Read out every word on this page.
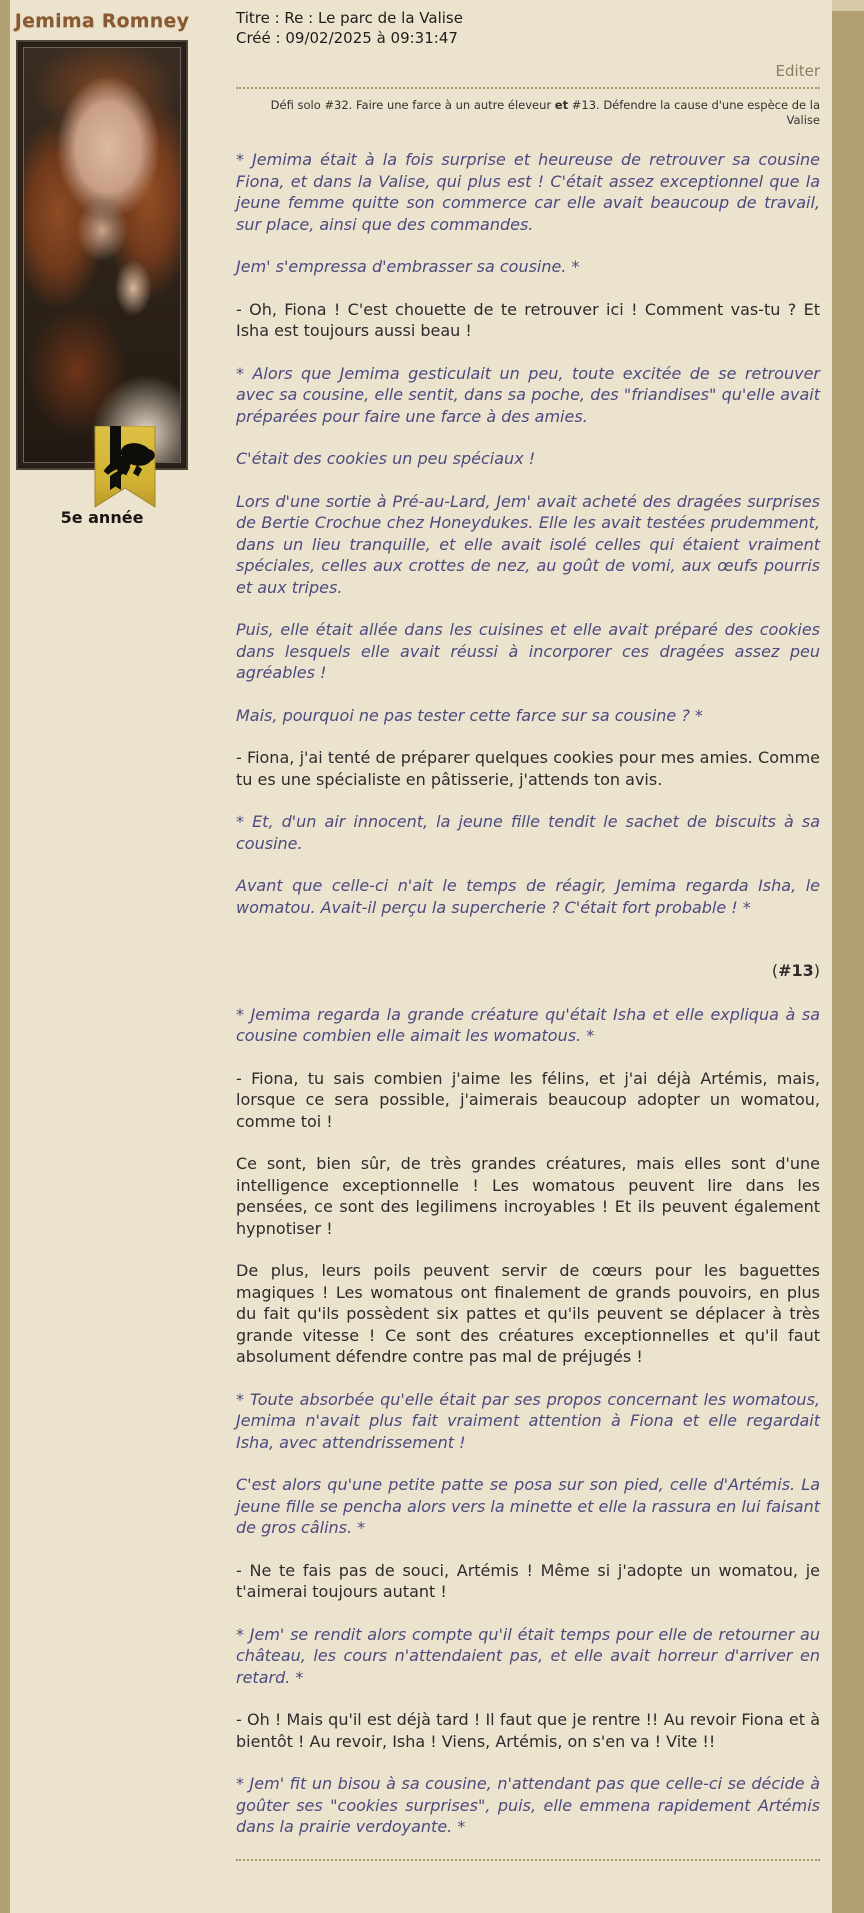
Jemima Romney
5e année
Titre : Re : Le parc de la Valise
Créé : 09/02/2025 à 09:31:47
Editer
Défi solo #32. Faire une farce à un autre éleveur et #13. Défendre la cause d'une espèce de la Valise

* Jemima était à la fois surprise et heureuse de retrouver sa cousine Fiona, et dans la Valise, qui plus est ! C'était assez exceptionnel que la jeune femme quitte son commerce car elle avait beaucoup de travail, sur place, ainsi que des commandes.

Jem' s'empressa d'embrasser sa cousine. *

- Oh, Fiona ! C'est chouette de te retrouver ici ! Comment vas-tu ? Et Isha est toujours aussi beau !

* Alors que Jemima gesticulait un peu, toute excitée de se retrouver avec sa cousine, elle sentit, dans sa poche, des "friandises" qu'elle avait préparées pour faire une farce à des amies.

C'était des cookies un peu spéciaux !

Lors d'une sortie à Pré-au-Lard, Jem' avait acheté des dragées surprises de Bertie Crochue chez Honeydukes. Elle les avait testées prudemment, dans un lieu tranquille, et elle avait isolé celles qui étaient vraiment spéciales, celles aux crottes de nez, au goût de vomi, aux œufs pourris et aux tripes.

Puis, elle était allée dans les cuisines et elle avait préparé des cookies dans lesquels elle avait réussi à incorporer ces dragées assez peu agréables !

Mais, pourquoi ne pas tester cette farce sur sa cousine ? *

- Fiona, j'ai tenté de préparer quelques cookies pour mes amies. Comme tu es une spécialiste en pâtisserie, j'attends ton avis.

* Et, d'un air innocent, la jeune fille tendit le sachet de biscuits à sa cousine.

Avant que celle-ci n'ait le temps de réagir, Jemima regarda Isha, le womatou. Avait-il perçu la supercherie ? C'était fort probable ! *

(#13)

* Jemima regarda la grande créature qu'était Isha et elle expliqua à sa cousine combien elle aimait les womatous. *

- Fiona, tu sais combien j'aime les félins, et j'ai déjà Artémis, mais, lorsque ce sera possible, j'aimerais beaucoup adopter un womatou, comme toi !

Ce sont, bien sûr, de très grandes créatures, mais elles sont d'une intelligence exceptionnelle ! Les womatous peuvent lire dans les pensées, ce sont des legilimens incroyables ! Et ils peuvent également hypnotiser !

De plus, leurs poils peuvent servir de cœurs pour les baguettes magiques ! Les womatous ont finalement de grands pouvoirs, en plus du fait qu'ils possèdent six pattes et qu'ils peuvent se déplacer à très grande vitesse ! Ce sont des créatures exceptionnelles et qu'il faut absolument défendre contre pas mal de préjugés !

* Toute absorbée qu'elle était par ses propos concernant les womatous, Jemima n'avait plus fait vraiment attention à Fiona et elle regardait Isha, avec attendrissement !

C'est alors qu'une petite patte se posa sur son pied, celle d'Artémis. La jeune fille se pencha alors vers la minette et elle la rassura en lui faisant de gros câlins. *

- Ne te fais pas de souci, Artémis ! Même si j'adopte un womatou, je t'aimerai toujours autant !

* Jem' se rendit alors compte qu'il était temps pour elle de retourner au château, les cours n'attendaient pas, et elle avait horreur d'arriver en retard. *

- Oh ! Mais qu'il est déjà tard ! Il faut que je rentre !! Au revoir Fiona et à bientôt ! Au revoir, Isha ! Viens, Artémis, on s'en va ! Vite !!

* Jem' fit un bisou à sa cousine, n'attendant pas que celle-ci se décide à goûter ses "cookies surprises", puis, elle emmena rapidement Artémis dans la prairie verdoyante. *
